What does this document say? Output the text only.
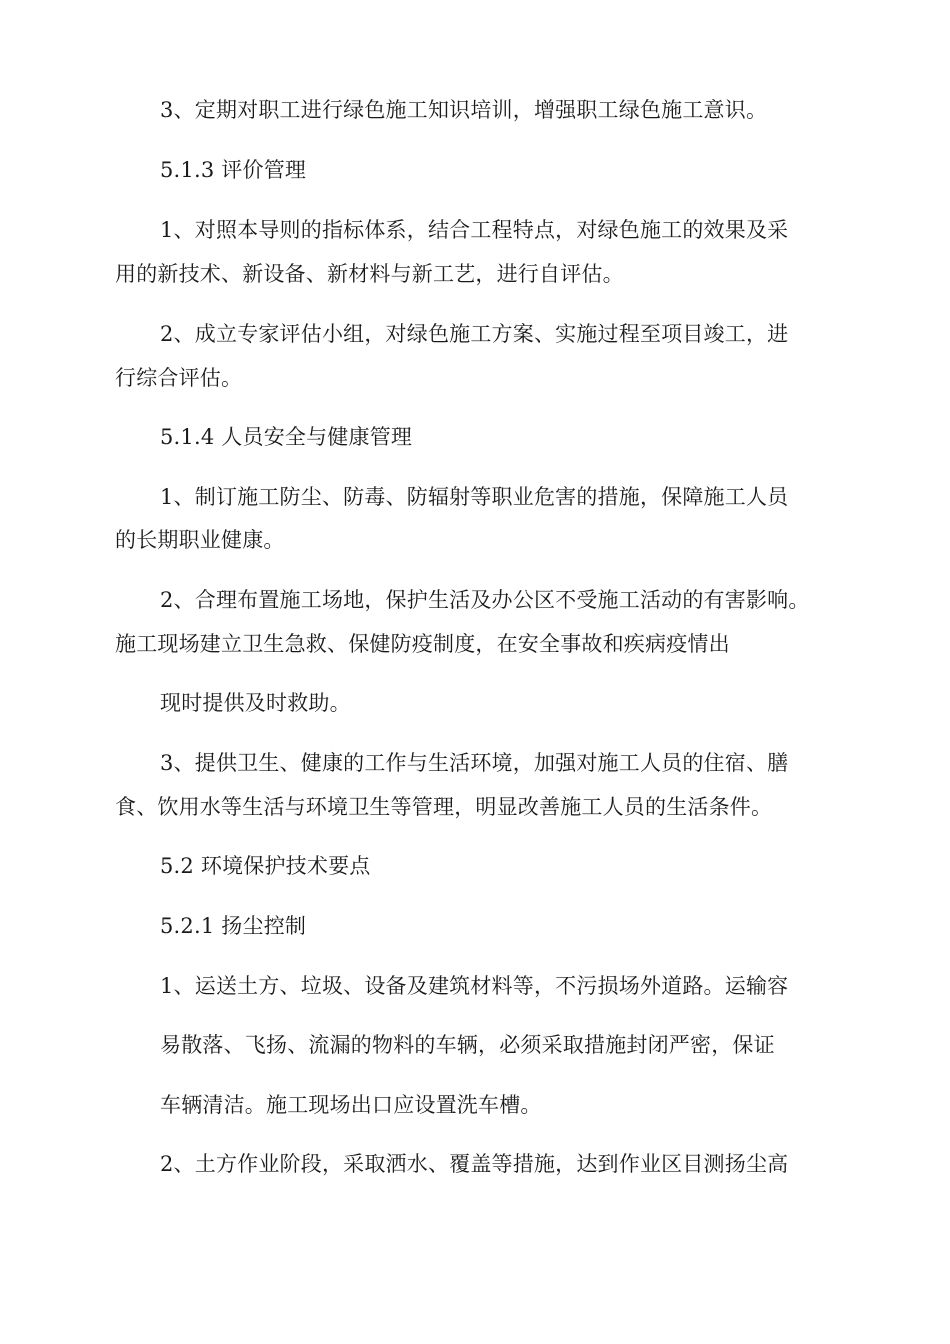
3、定期对职工进行绿色施工知识培训，增强职工绿色施工意识。
5.1.3 评价管理
1、对照本导则的指标体系，结合工程特点，对绿色施工的效果及采
用的新技术、新设备、新材料与新工艺，进行自评估。
2、成立专家评估小组，对绿色施工方案、实施过程至项目竣工，进
行综合评估。
5.1.4 人员安全与健康管理
1、制订施工防尘、防毒、防辐射等职业危害的措施，保障施工人员
的长期职业健康。
2、合理布置施工场地，保护生活及办公区不受施工活动的有害影响。
施工现场建立卫生急救、保健防疫制度，在安全事故和疾病疫情出
现时提供及时救助。
3、提供卫生、健康的工作与生活环境，加强对施工人员的住宿、膳
食、饮用水等生活与环境卫生等管理，明显改善施工人员的生活条件。
5.2 环境保护技术要点
5.2.1 扬尘控制
1、运送土方、垃圾、设备及建筑材料等，不污损场外道路。运输容
易散落、飞扬、流漏的物料的车辆，必须采取措施封闭严密，保证
车辆清洁。施工现场出口应设置洗车槽。
2、土方作业阶段，采取洒水、覆盖等措施，达到作业区目测扬尘高
